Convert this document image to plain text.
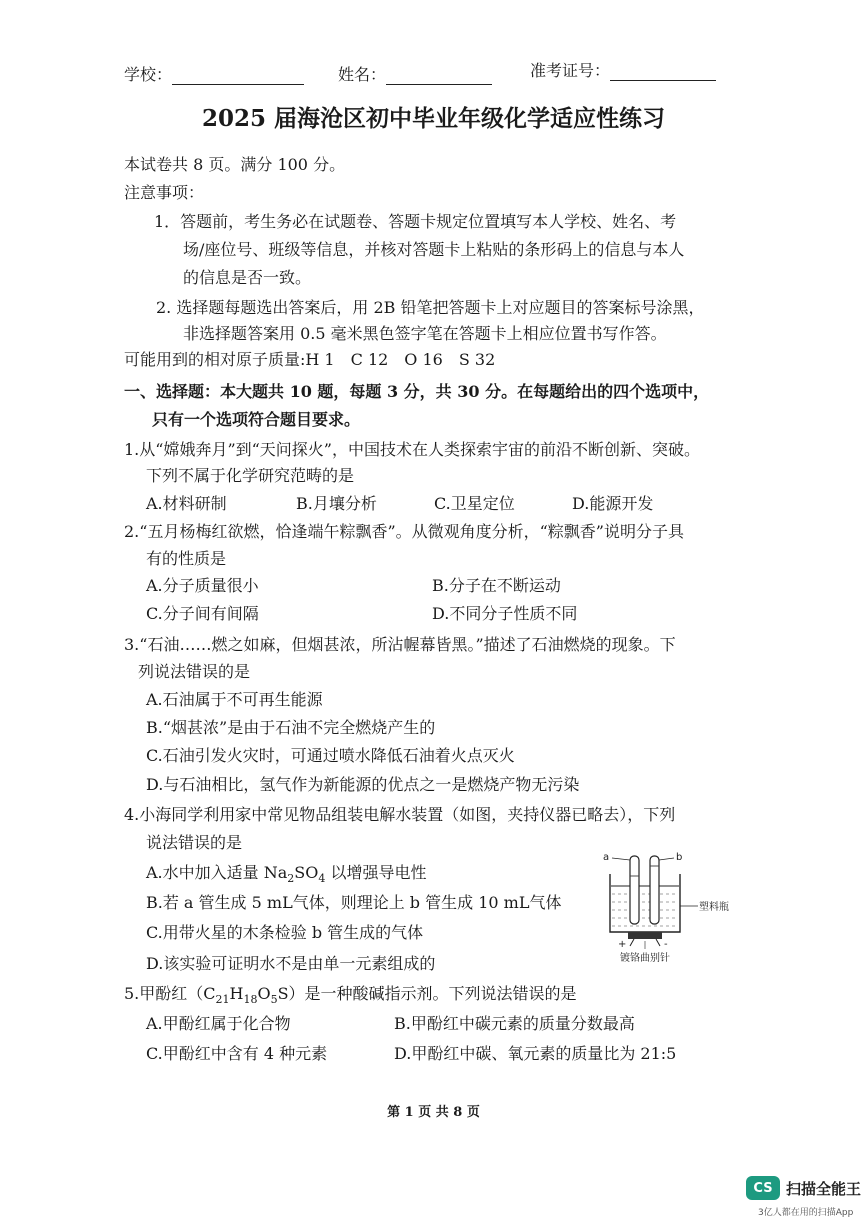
学校：	姓名：	准考证号：
2025 届海沧区初中毕业年级化学适应性练习
本试卷共 8 页。满分 100 分。
注意事项：
1．答题前，考生务必在试题卷、答题卡规定位置填写本人学校、姓名、考
场/座位号、班级等信息，并核对答题卡上粘贴的条形码上的信息与本人
的信息是否一致。
2. 选择题每题选出答案后，用 2B 铅笔把答题卡上对应题目的答案标号涂黑，
非选择题答案用 0.5 毫米黑色签字笔在答题卡上相应位置书写作答。
可能用到的相对原子质量:H 1　C 12　O 16　S 32
一、选择题：本大题共 10 题，每题 3 分，共 30 分。在每题给出的四个选项中，
只有一个选项符合题目要求。
1.从“嫦娥奔月”到“天问探火”，中国技术在人类探索宇宙的前沿不断创新、突破。
下列不属于化学研究范畴的是
A.材料研制	B.月壤分析	C.卫星定位	D.能源开发
2.“五月杨梅红欲燃，恰逢端午粽飘香”。从微观角度分析，“粽飘香”说明分子具
有的性质是
A.分子质量很小	B.分子在不断运动
C.分子间有间隔	D.不同分子性质不同
3.“石油……燃之如麻，但烟甚浓，所沾幄幕皆黑。”描述了石油燃烧的现象。下
列说法错误的是
A.石油属于不可再生能源
B.“烟甚浓”是由于石油不完全燃烧产生的
C.石油引发火灾时，可通过喷水降低石油着火点灭火
D.与石油相比，氢气作为新能源的优点之一是燃烧产物无污染
4.小海同学利用家中常见物品组装电解水装置（如图，夹持仪器已略去），下列
说法错误的是
A.水中加入适量 $Na_2SO_4$ 以增强导电性
B.若 a 管生成 5 mL气体，则理论上 b 管生成 10 mL气体
C.用带火星的木条检验 b 管生成的气体
D.该实验可证明水不是由单一元素组成的
a	b
塑料瓶
+	-
镀铬曲别针
5.甲酚红$(C_{21}H_{18}O_5S)$是一种酸碱指示剂。下列说法错误的是
A.甲酚红属于化合物	B.甲酚红中碳元素的质量分数最高
C.甲酚红中含有 4 种元素	D.甲酚红中碳、氧元素的质量比为 21:5
第 1 页 共 8 页
CS 扫描全能王
3亿人都在用的扫描App
